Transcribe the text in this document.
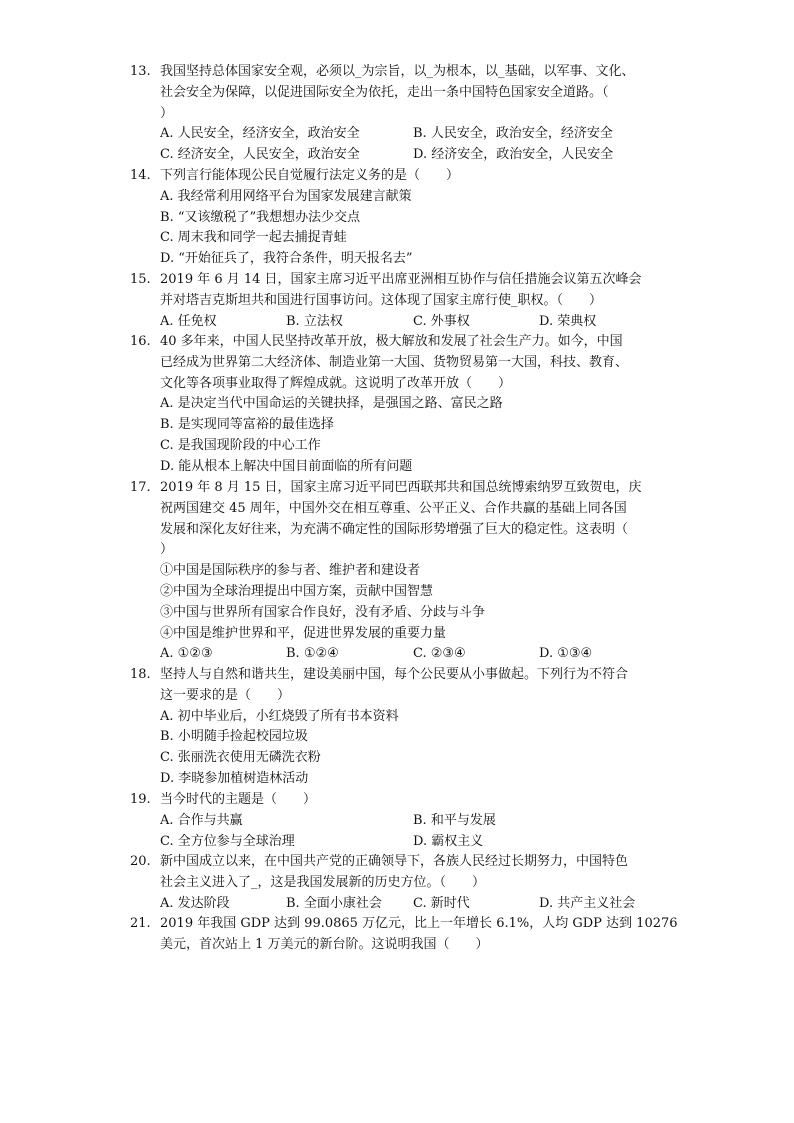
13. 我国坚持总体国家安全观，必须以_为宗旨，以_为根本，以_基础，以军事、文化、
社会安全为保障，以促进国际安全为依托，走出一条中国特色国家安全道路。（
）
A. 人民安全，经济安全，政治安全	B. 人民安全，政治安全，经济安全
C. 经济安全，人民安全，政治安全	D. 经济安全，政治安全，人民安全
14. 下列言行能体现公民自觉履行法定义务的是（　　）
A. 我经常利用网络平台为国家发展建言献策
B. “又该缴税了”我想想办法少交点
C. 周末我和同学一起去捕捉青蛙
D. “开始征兵了，我符合条件，明天报名去”
15. 2019 年 6 月 14 日，国家主席习近平出席亚洲相互协作与信任措施会议第五次峰会
并对塔吉克斯坦共和国进行国事访问。这体现了国家主席行使_职权。（　　）
A. 任免权	B. 立法权	C. 外事权	D. 荣典权
16. 40 多年来，中国人民坚持改革开放，极大解放和发展了社会生产力。如今，中国
已经成为世界第二大经济体、制造业第一大国、货物贸易第一大国，科技、教育、
文化等各项事业取得了辉煌成就。这说明了改革开放（　　）
A. 是决定当代中国命运的关键抉择，是强国之路、富民之路
B. 是实现同等富裕的最佳选择
C. 是我国现阶段的中心工作
D. 能从根本上解决中国目前面临的所有问题
17. 2019 年 8 月 15 日，国家主席习近平同巴西联邦共和国总统博索纳罗互致贺电，庆
祝两国建交 45 周年，中国外交在相互尊重、公平正义、合作共赢的基础上同各国
发展和深化友好往来，为充满不确定性的国际形势增强了巨大的稳定性。这表明（
）
①中国是国际秩序的参与者、维护者和建设者
②中国为全球治理提出中国方案，贡献中国智慧
③中国与世界所有国家合作良好，没有矛盾、分歧与斗争
④中国是维护世界和平，促进世界发展的重要力量
A. ①②③	B. ①②④	C. ②③④	D. ①③④
18. 坚持人与自然和谐共生，建设美丽中国，每个公民要从小事做起。下列行为不符合
这一要求的是（　　）
A. 初中毕业后，小红烧毁了所有书本资料
B. 小明随手捡起校园垃圾
C. 张丽洗衣使用无磷洗衣粉
D. 李晓参加植树造林活动
19. 当今时代的主题是（　　）
A. 合作与共赢	B. 和平与发展
C. 全方位参与全球治理	D. 霸权主义
20. 新中国成立以来，在中国共产党的正确领导下，各族人民经过长期努力，中国特色
社会主义进入了_，这是我国发展新的历史方位。（　　）
A. 发达阶段	B. 全面小康社会 C. 新时代	D. 共产主义社会
21. 2019 年我国 GDP 达到 99.0865 万亿元，比上一年增长 6.1%，人均 GDP 达到 10276
美元，首次站上 1 万美元的新台阶。这说明我国（　　）
